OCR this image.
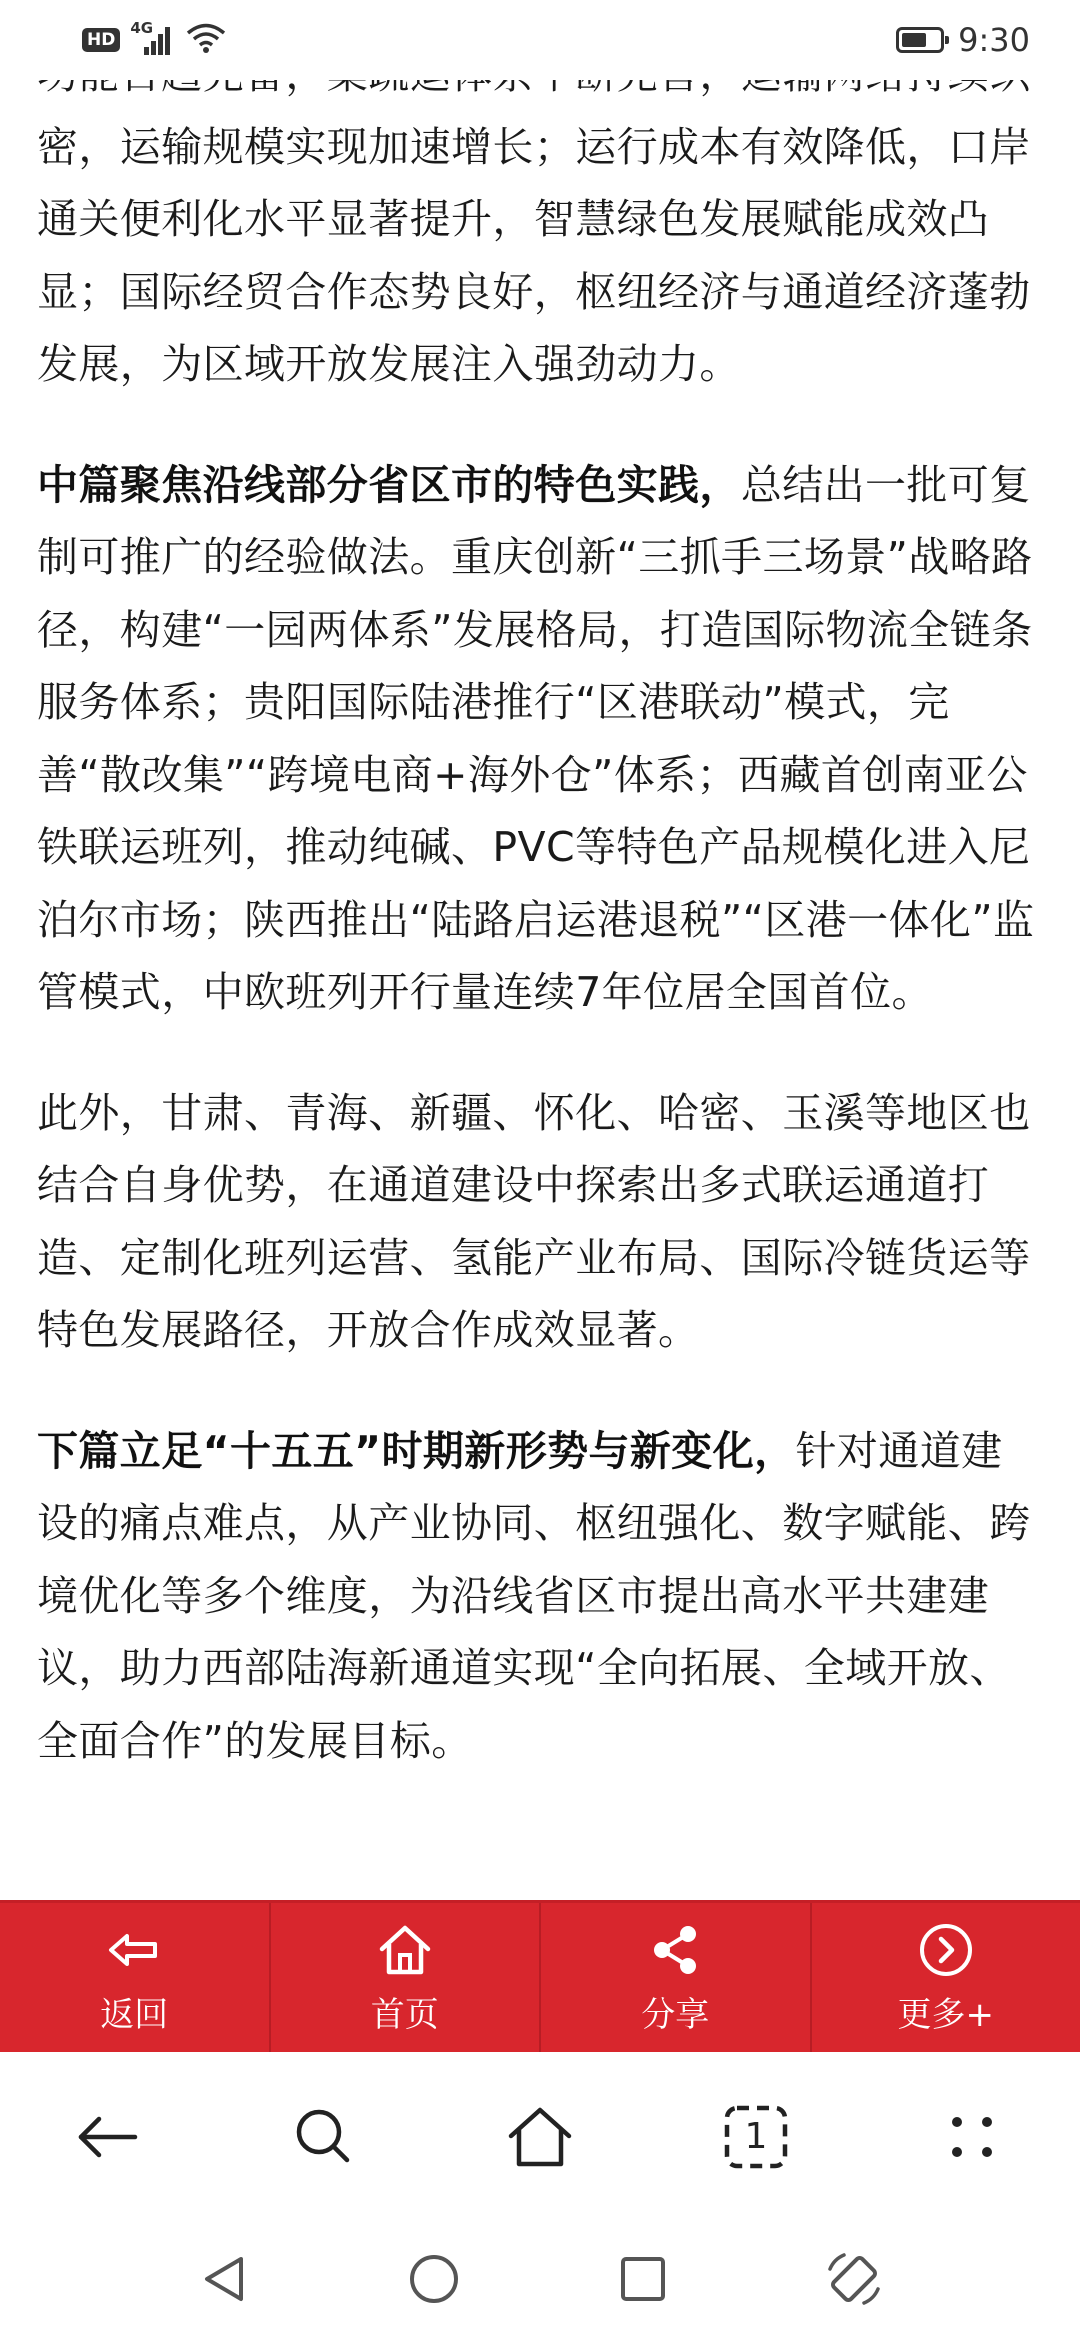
密，运输规模实现加速增长；运行成本有效降低，口岸通关便利化水平显著提升，智慧绿色发展赋能成效凸显；国际经贸合作态势良好，枢纽经济与通道经济蓬勃发展，为区域开放发展注入强劲动力。

中篇聚焦沿线部分省区市的特色实践，总结出一批可复制可推广的经验做法。重庆创新“三抓手三场景”战略路径，构建“一园两体系”发展格局，打造国际物流全链条服务体系；贵阳国际陆港推行“区港联动”模式，完善“散改集”“跨境电商+海外仓”体系；西藏首创南亚公铁联运班列，推动纯碱、PVC等特色产品规模化进入尼泊尔市场；陕西推出“陆路启运港退税”“区港一体化”监管模式，中欧班列开行量连续7年位居全国首位。

此外，甘肃、青海、新疆、怀化、哈密、玉溪等地区也结合自身优势，在通道建设中探索出多式联运通道打造、定制化班列运营、氢能产业布局、国际冷链货运等特色发展路径，开放合作成效显著。

下篇立足“十五五”时期新形势与新变化，针对通道建设的痛点难点，从产业协同、枢纽强化、数字赋能、跨境优化等多个维度，为沿线省区市提出高水平共建建议，助力西部陆海新通道实现“全向拓展、全域开放、全面合作”的发展目标。

HD
4G	9:30
返回	首页	分享	更多+
1
